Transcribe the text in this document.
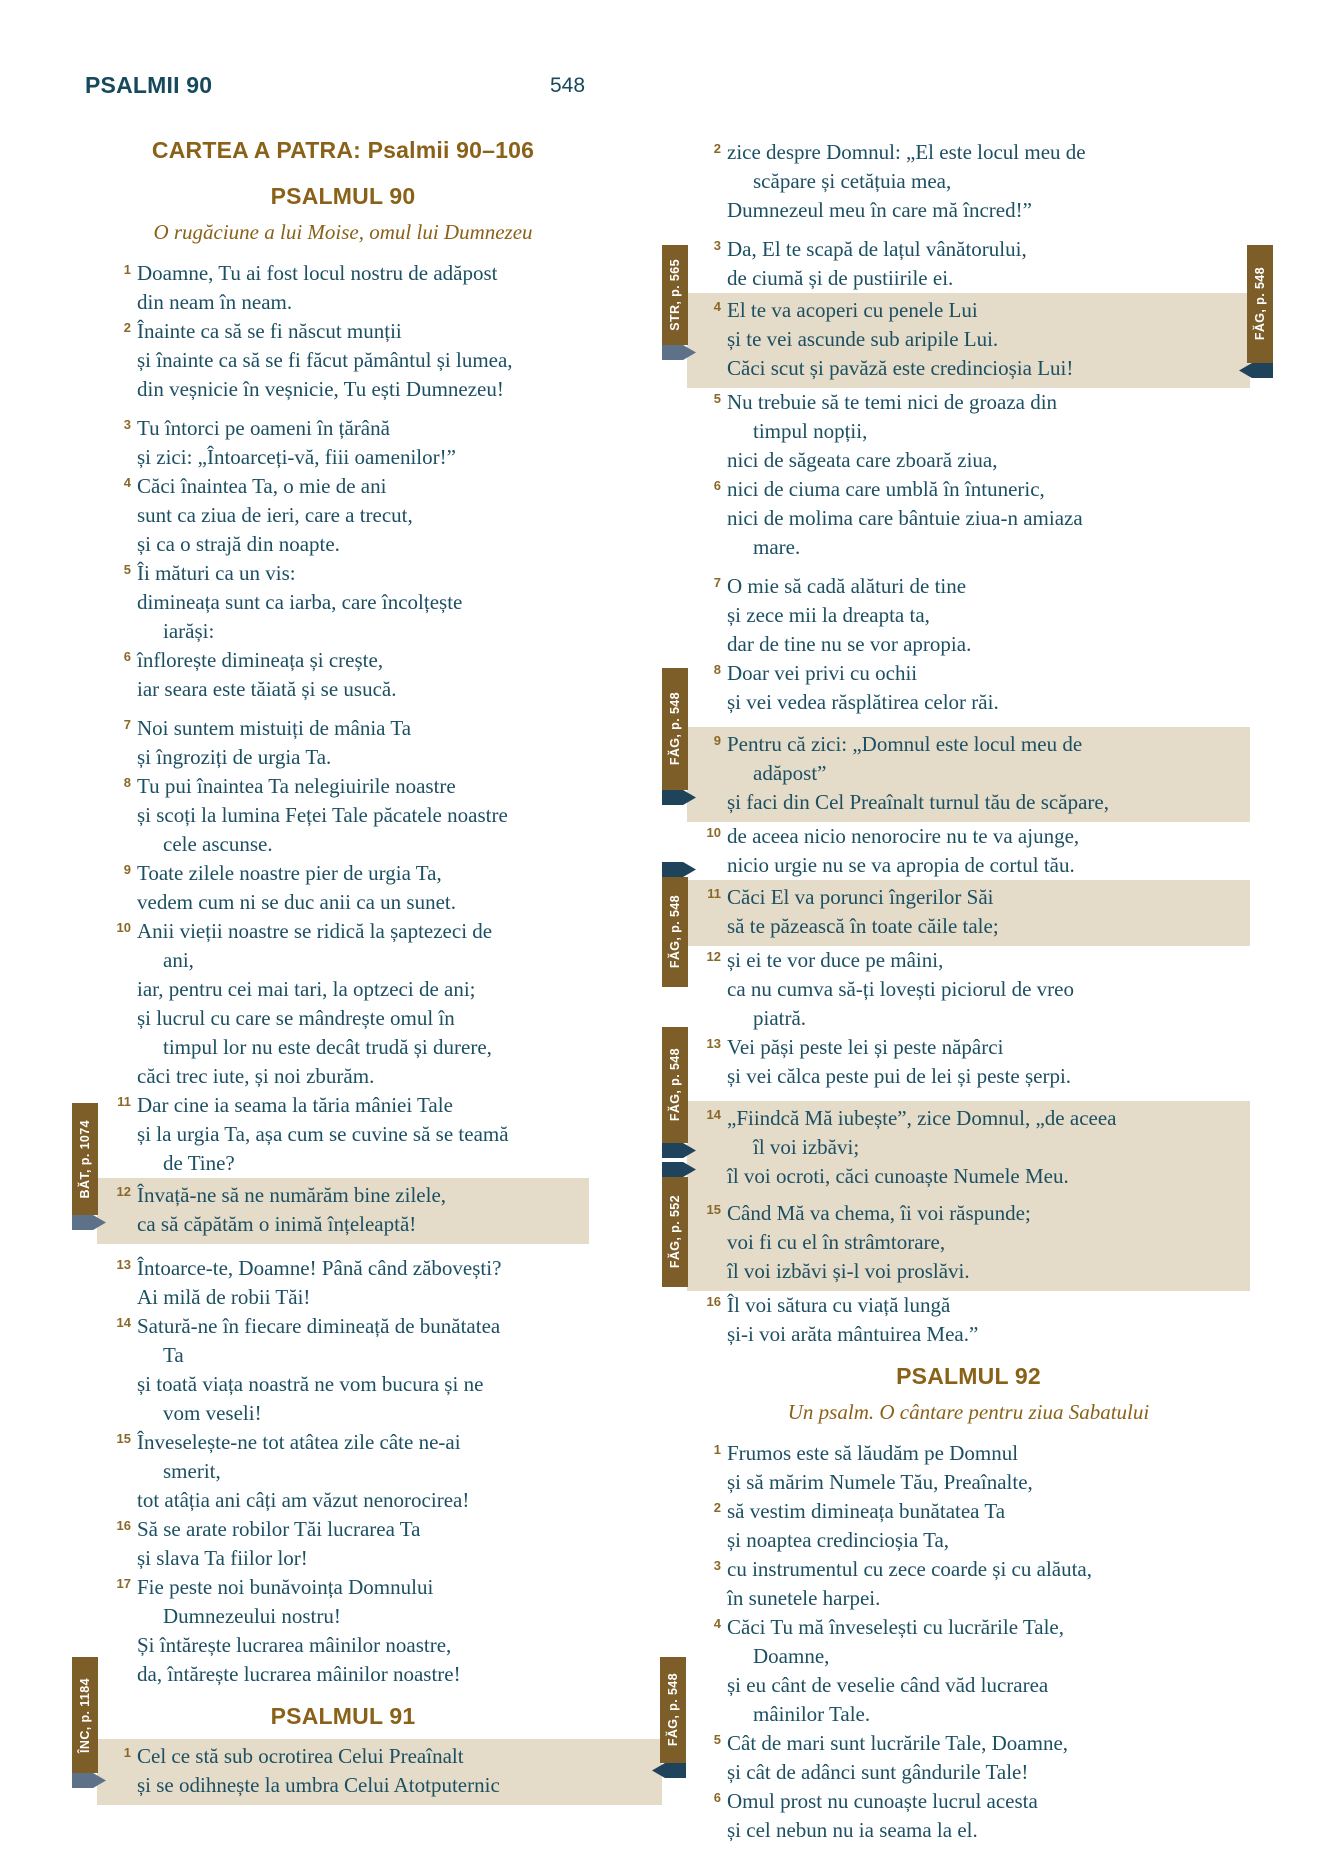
PSALMII 90	548
CARTEA A PATRA: Psalmii 90–106
PSALMUL 90
O rugăciune a lui Moise, omul lui Dumnezeu
1 Doamne, Tu ai fost locul nostru de adăpost
din neam în neam.
2 Înainte ca să se fi născut munții
și înainte ca să se fi făcut pământul și lumea,
din veșnicie în veșnicie, Tu ești Dumnezeu!
3 Tu întorci pe oameni în țărână
și zici: „Întoarceți-vă, fiii oamenilor!”
4 Căci înaintea Ta, o mie de ani
sunt ca ziua de ieri, care a trecut,
și ca o strajă din noapte.
5 Îi mături ca un vis:
dimineața sunt ca iarba, care încolțește
iarăși:
6 înflorește dimineața și crește,
iar seara este tăiată și se usucă.
7 Noi suntem mistuiți de mânia Ta
și îngroziți de urgia Ta.
8 Tu pui înaintea Ta nelegiuirile noastre
și scoți la lumina Feței Tale păcatele noastre
cele ascunse.
9 Toate zilele noastre pier de urgia Ta,
vedem cum ni se duc anii ca un sunet.
10 Anii vieții noastre se ridică la șaptezeci de
ani,
iar, pentru cei mai tari, la optzeci de ani;
și lucrul cu care se mândrește omul în
timpul lor nu este decât trudă și durere,
căci trec iute, și noi zburăm.
11 Dar cine ia seama la tăria mâniei Tale
și la urgia Ta, așa cum se cuvine să se teamă
de Tine?
12 Învață-ne să ne numărăm bine zilele,
ca să căpătăm o inimă înțeleaptă!
13 Întoarce-te, Doamne! Până când zăbovești?
Ai milă de robii Tăi!
14 Satură-ne în fiecare dimineață de bunătatea
Ta
și toată viața noastră ne vom bucura și ne
vom veseli!
15 Înveselește-ne tot atâtea zile câte ne-ai
smerit,
tot atâția ani câți am văzut nenorocirea!
16 Să se arate robilor Tăi lucrarea Ta
și slava Ta fiilor lor!
17 Fie peste noi bunăvoința Domnului
Dumnezeului nostru!
Și întărește lucrarea mâinilor noastre,
da, întărește lucrarea mâinilor noastre!
PSALMUL 91
1 Cel ce stă sub ocrotirea Celui Preaînalt
și se odihnește la umbra Celui Atotputernic
2 zice despre Domnul: „El este locul meu de
scăpare și cetățuia mea,
Dumnezeul meu în care mă încred!”
3 Da, El te scapă de lațul vânătorului,
de ciumă și de pustiirile ei.
4 El te va acoperi cu penele Lui
și te vei ascunde sub aripile Lui.
Căci scut și pavăză este credincioșia Lui!
5 Nu trebuie să te temi nici de groaza din
timpul nopții,
nici de săgeata care zboară ziua,
6 nici de ciuma care umblă în întuneric,
nici de molima care bântuie ziua-n amiaza
mare.
7 O mie să cadă alături de tine
și zece mii la dreapta ta,
dar de tine nu se vor apropia.
8 Doar vei privi cu ochii
și vei vedea răsplătirea celor răi.
9 Pentru că zici: „Domnul este locul meu de
adăpost”
și faci din Cel Preaînalt turnul tău de scăpare,
10 de aceea nicio nenorocire nu te va ajunge,
nicio urgie nu se va apropia de cortul tău.
11 Căci El va porunci îngerilor Săi
să te păzească în toate căile tale;
12 și ei te vor duce pe mâini,
ca nu cumva să-ți lovești piciorul de vreo
piatră.
13 Vei păși peste lei și peste năpârci
și vei călca peste pui de lei și peste șerpi.
14 „Fiindcă Mă iubește”, zice Domnul, „de aceea
îl voi izbăvi;
îl voi ocroti, căci cunoaște Numele Meu.
15 Când Mă va chema, îi voi răspunde;
voi fi cu el în strâmtorare,
îl voi izbăvi și-l voi proslăvi.
16 Îl voi sătura cu viață lungă
și-i voi arăta mântuirea Mea.”
PSALMUL 92
Un psalm. O cântare pentru ziua Sabatului
1 Frumos este să lăudăm pe Domnul
și să mărim Numele Tău, Preaînalte,
2 să vestim dimineața bunătatea Ta
și noaptea credincioșia Ta,
3 cu instrumentul cu zece coarde și cu alăuta,
în sunetele harpei.
4 Căci Tu mă înveselești cu lucrările Tale,
Doamne,
și eu cânt de veselie când văd lucrarea
mâinilor Tale.
5 Cât de mari sunt lucrările Tale, Doamne,
și cât de adânci sunt gândurile Tale!
6 Omul prost nu cunoaște lucrul acesta
și cel nebun nu ia seama la el.
STR, p. 565	FĂG, p. 548
FĂG, p. 548
FĂG, p. 548
FĂG, p. 548
FĂG, p. 552
BĂT, p. 1074
ÎNC, p. 1184	FĂG, p. 548
